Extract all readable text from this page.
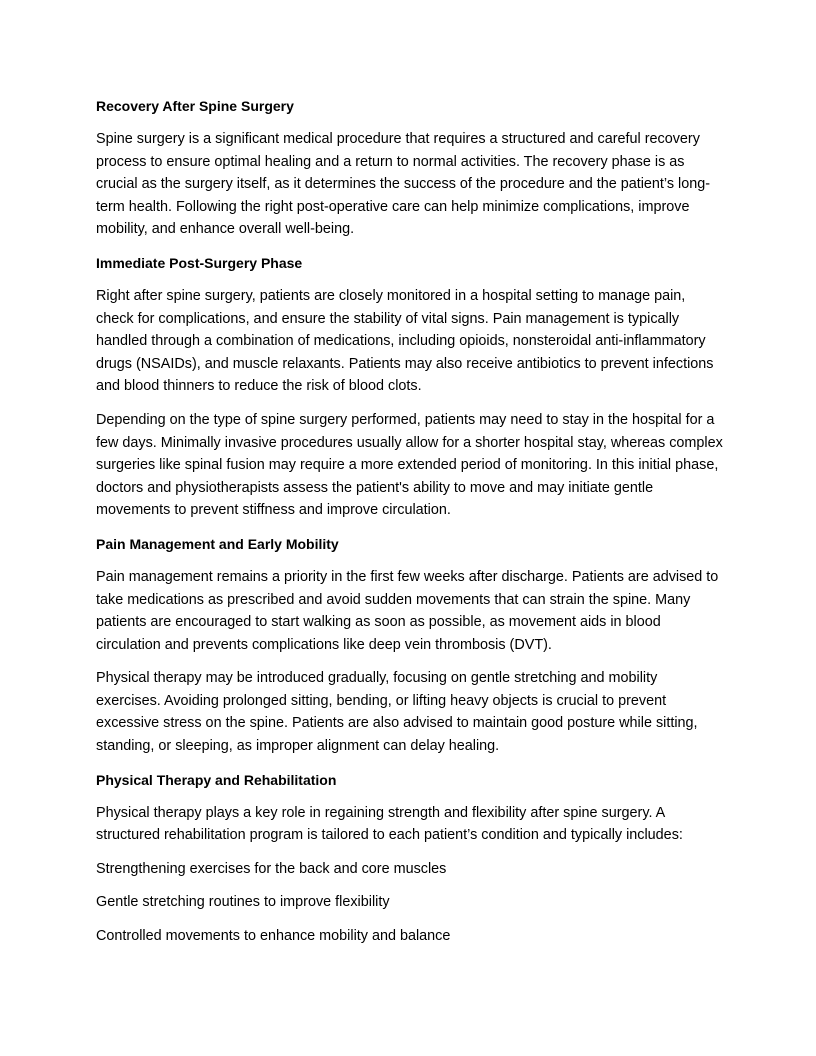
Recovery After Spine Surgery

Spine surgery is a significant medical procedure that requires a structured and careful recovery process to ensure optimal healing and a return to normal activities. The recovery phase is as crucial as the surgery itself, as it determines the success of the procedure and the patient’s long-term health. Following the right post-operative care can help minimize complications, improve mobility, and enhance overall well-being.

Immediate Post-Surgery Phase

Right after spine surgery, patients are closely monitored in a hospital setting to manage pain, check for complications, and ensure the stability of vital signs. Pain management is typically handled through a combination of medications, including opioids, nonsteroidal anti-inflammatory drugs (NSAIDs), and muscle relaxants. Patients may also receive antibiotics to prevent infections and blood thinners to reduce the risk of blood clots.

Depending on the type of spine surgery performed, patients may need to stay in the hospital for a few days. Minimally invasive procedures usually allow for a shorter hospital stay, whereas complex surgeries like spinal fusion may require a more extended period of monitoring. In this initial phase, doctors and physiotherapists assess the patient's ability to move and may initiate gentle movements to prevent stiffness and improve circulation.

Pain Management and Early Mobility

Pain management remains a priority in the first few weeks after discharge. Patients are advised to take medications as prescribed and avoid sudden movements that can strain the spine. Many patients are encouraged to start walking as soon as possible, as movement aids in blood circulation and prevents complications like deep vein thrombosis (DVT).

Physical therapy may be introduced gradually, focusing on gentle stretching and mobility exercises. Avoiding prolonged sitting, bending, or lifting heavy objects is crucial to prevent excessive stress on the spine. Patients are also advised to maintain good posture while sitting, standing, or sleeping, as improper alignment can delay healing.

Physical Therapy and Rehabilitation

Physical therapy plays a key role in regaining strength and flexibility after spine surgery. A structured rehabilitation program is tailored to each patient’s condition and typically includes:

Strengthening exercises for the back and core muscles

Gentle stretching routines to improve flexibility

Controlled movements to enhance mobility and balance
